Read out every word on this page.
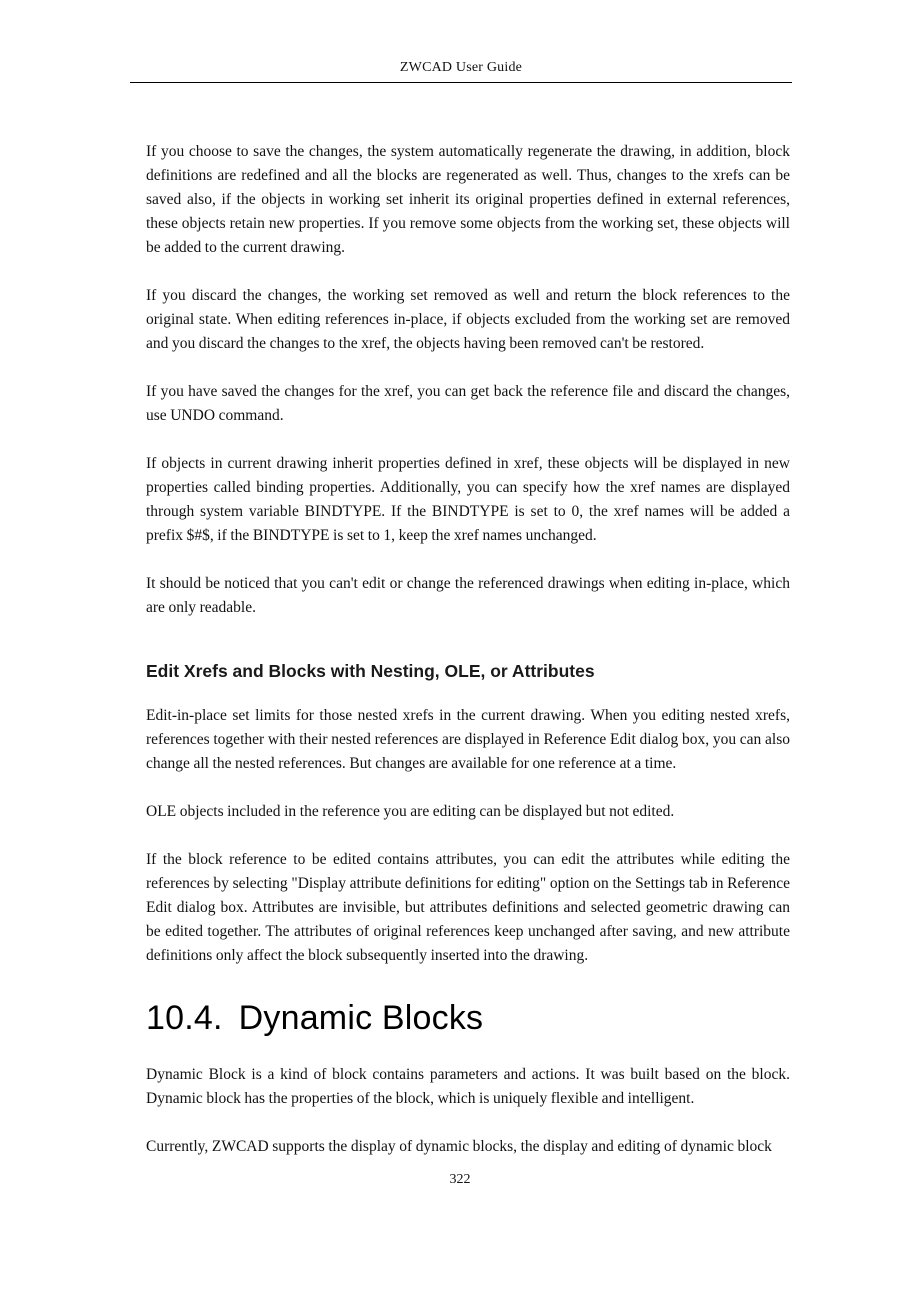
ZWCAD User Guide

If you choose to save the changes, the system automatically regenerate the drawing, in addition, block definitions are redefined and all the blocks are regenerated as well. Thus, changes to the xrefs can be saved also, if the objects in working set inherit its original properties defined in external references, these objects retain new properties. If you remove some objects from the working set, these objects will be added to the current drawing.

If you discard the changes, the working set removed as well and return the block references to the original state. When editing references in-place, if objects excluded from the working set are removed and you discard the changes to the xref, the objects having been removed can't be restored.

If you have saved the changes for the xref, you can get back the reference file and discard the changes, use UNDO command.

If objects in current drawing inherit properties defined in xref, these objects will be displayed in new properties called binding properties. Additionally, you can specify how the xref names are displayed through system variable BINDTYPE. If the BINDTYPE is set to 0, the xref names will be added a prefix $#$, if the BINDTYPE is set to 1, keep the xref names unchanged.

It should be noticed that you can't edit or change the referenced drawings when editing in-place, which are only readable.

Edit Xrefs and Blocks with Nesting, OLE, or Attributes

Edit-in-place set limits for those nested xrefs in the current drawing. When you editing nested xrefs, references together with their nested references are displayed in Reference Edit dialog box, you can also change all the nested references. But changes are available for one reference at a time.

OLE objects included in the reference you are editing can be displayed but not edited.

If the block reference to be edited contains attributes, you can edit the attributes while editing the references by selecting "Display attribute definitions for editing" option on the Settings tab in Reference Edit dialog box. Attributes are invisible, but attributes definitions and selected geometric drawing can be edited together. The attributes of original references keep unchanged after saving, and new attribute definitions only affect the block subsequently inserted into the drawing.

10.4. Dynamic Blocks

Dynamic Block is a kind of block contains parameters and actions. It was built based on the block. Dynamic block has the properties of the block, which is uniquely flexible and intelligent.

Currently, ZWCAD supports the display of dynamic blocks, the display and editing of dynamic block

322
